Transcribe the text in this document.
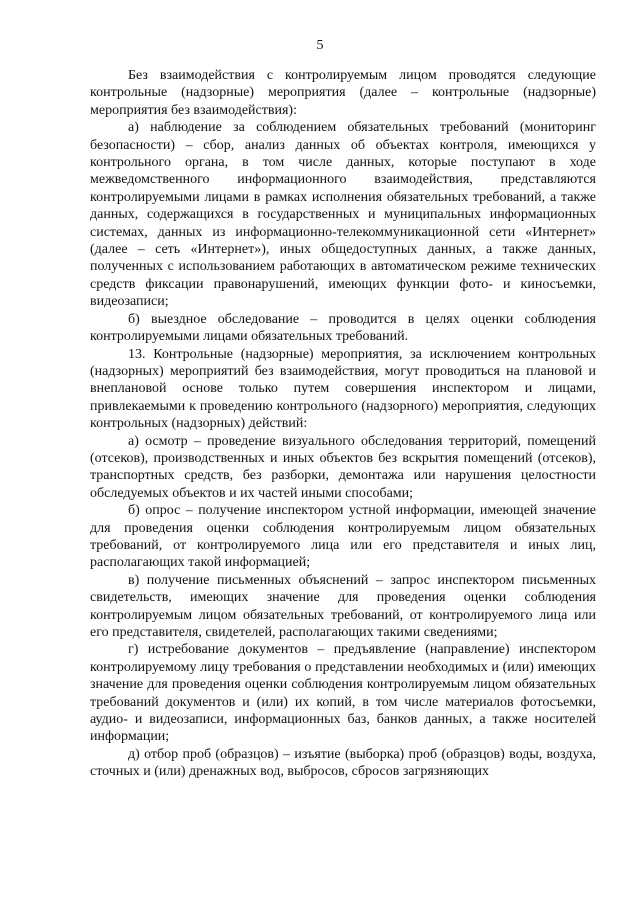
5

Без взаимодействия с контролируемым лицом проводятся следующие контрольные (надзорные) мероприятия (далее – контрольные (надзорные) мероприятия без взаимодействия):

а) наблюдение за соблюдением обязательных требований (мониторинг безопасности) – сбор, анализ данных об объектах контроля, имеющихся у контрольного органа, в том числе данных, которые поступают в ходе межведомственного информационного взаимодействия, представляются контролируемыми лицами в рамках исполнения обязательных требований, а также данных, содержащихся в государственных и муниципальных информационных системах, данных из информационно-телекоммуникационной сети «Интернет» (далее – сеть «Интернет»), иных общедоступных данных, а также данных, полученных с использованием работающих в автоматическом режиме технических средств фиксации правонарушений, имеющих функции фото- и киносъемки, видеозаписи;

б) выездное обследование – проводится в целях оценки соблюдения контролируемыми лицами обязательных требований.

13. Контрольные (надзорные) мероприятия, за исключением контрольных (надзорных) мероприятий без взаимодействия, могут проводиться на плановой и внеплановой основе только путем совершения инспектором и лицами, привлекаемыми к проведению контрольного (надзорного) мероприятия, следующих контрольных (надзорных) действий:

а) осмотр – проведение визуального обследования территорий, помещений (отсеков), производственных и иных объектов без вскрытия помещений (отсеков), транспортных средств, без разборки, демонтажа или нарушения целостности обследуемых объектов и их частей иными способами;

б) опрос – получение инспектором устной информации, имеющей значение для проведения оценки соблюдения контролируемым лицом обязательных требований, от контролируемого лица или его представителя и иных лиц, располагающих такой информацией;

в) получение письменных объяснений – запрос инспектором письменных свидетельств, имеющих значение для проведения оценки соблюдения контролируемым лицом обязательных требований, от контролируемого лица или его представителя, свидетелей, располагающих такими сведениями;

г) истребование документов – предъявление (направление) инспектором контролируемому лицу требования о представлении необходимых и (или) имеющих значение для проведения оценки соблюдения контролируемым лицом обязательных требований документов и (или) их копий, в том числе материалов фотосъемки, аудио- и видеозаписи, информационных баз, банков данных, а также носителей информации;

д) отбор проб (образцов) – изъятие (выборка) проб (образцов) воды, воздуха, сточных и (или) дренажных вод, выбросов, сбросов загрязняющих
